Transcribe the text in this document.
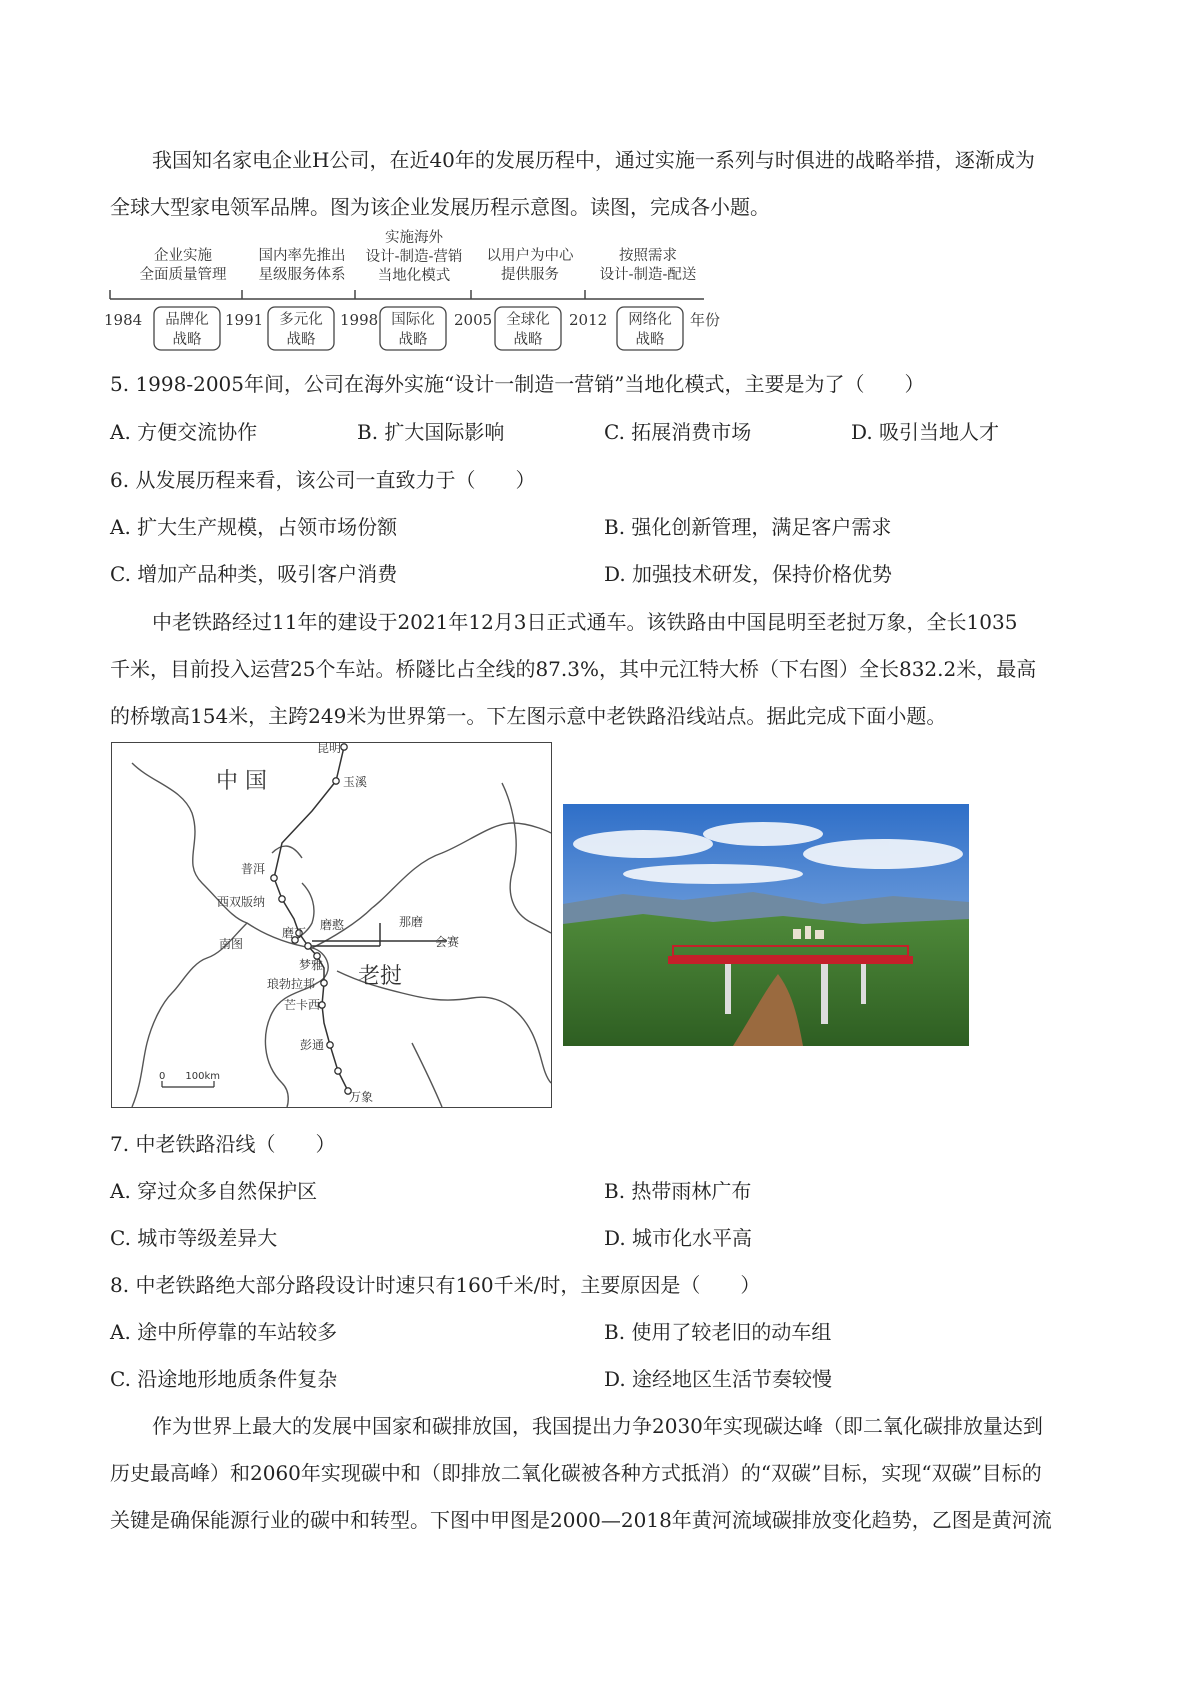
我国知名家电企业H公司，在近40年的发展历程中，通过实施一系列与时俱进的战略举措，逐渐成为
全球大型家电领军品牌。图为该企业发展历程示意图。读图，完成各小题。
企业实施
全面质量管理
国内率先推出
星级服务体系
实施海外
设计-制造-营销
当地化模式
以用户为中心
提供服务
按照需求
设计-制造-配送
1984	1991	1998	2005	2012	年份
品牌化
战略
多元化
战略
国际化
战略
全球化
战略
网络化
战略
5. 1998-2005年间，公司在海外实施“设计一制造一营销”当地化模式，主要是为了（　　）
A. 方便交流协作	B. 扩大国际影响	C. 拓展消费市场	D. 吸引当地人才
6. 从发展历程来看，该公司一直致力于（　　）
A. 扩大生产规模，占领市场份额	B. 强化创新管理，满足客户需求
C. 增加产品种类，吸引客户消费	D. 加强技术研发，保持价格优势
中老铁路经过11年的建设于2021年12月3日正式通车。该铁路由中国昆明至老挝万象，全长1035
千米，目前投入运营25个车站。桥隧比占全线的87.3%，其中元江特大桥（下右图）全长832.2米，最高
的桥墩高154米，主跨249米为世界第一。下左图示意中老铁路沿线站点。据此完成下面小题。
中 国
老挝
昆明
玉溪
普洱
西双版纳
磨憨	那磨
磨丁
南图	会赛
梦雅
琅勃拉邦
芒卡西
彭通
万象
0　　100km
7. 中老铁路沿线（　　）
A. 穿过众多自然保护区	B. 热带雨林广布
C. 城市等级差异大	D. 城市化水平高
8. 中老铁路绝大部分路段设计时速只有160千米/时，主要原因是（　　）
A. 途中所停靠的车站较多	B. 使用了较老旧的动车组
C. 沿途地形地质条件复杂	D. 途经地区生活节奏较慢
作为世界上最大的发展中国家和碳排放国，我国提出力争2030年实现碳达峰（即二氧化碳排放量达到
历史最高峰）和2060年实现碳中和（即排放二氧化碳被各种方式抵消）的“双碳”目标，实现“双碳”目标的
关键是确保能源行业的碳中和转型。下图中甲图是2000—2018年黄河流域碳排放变化趋势，乙图是黄河流
